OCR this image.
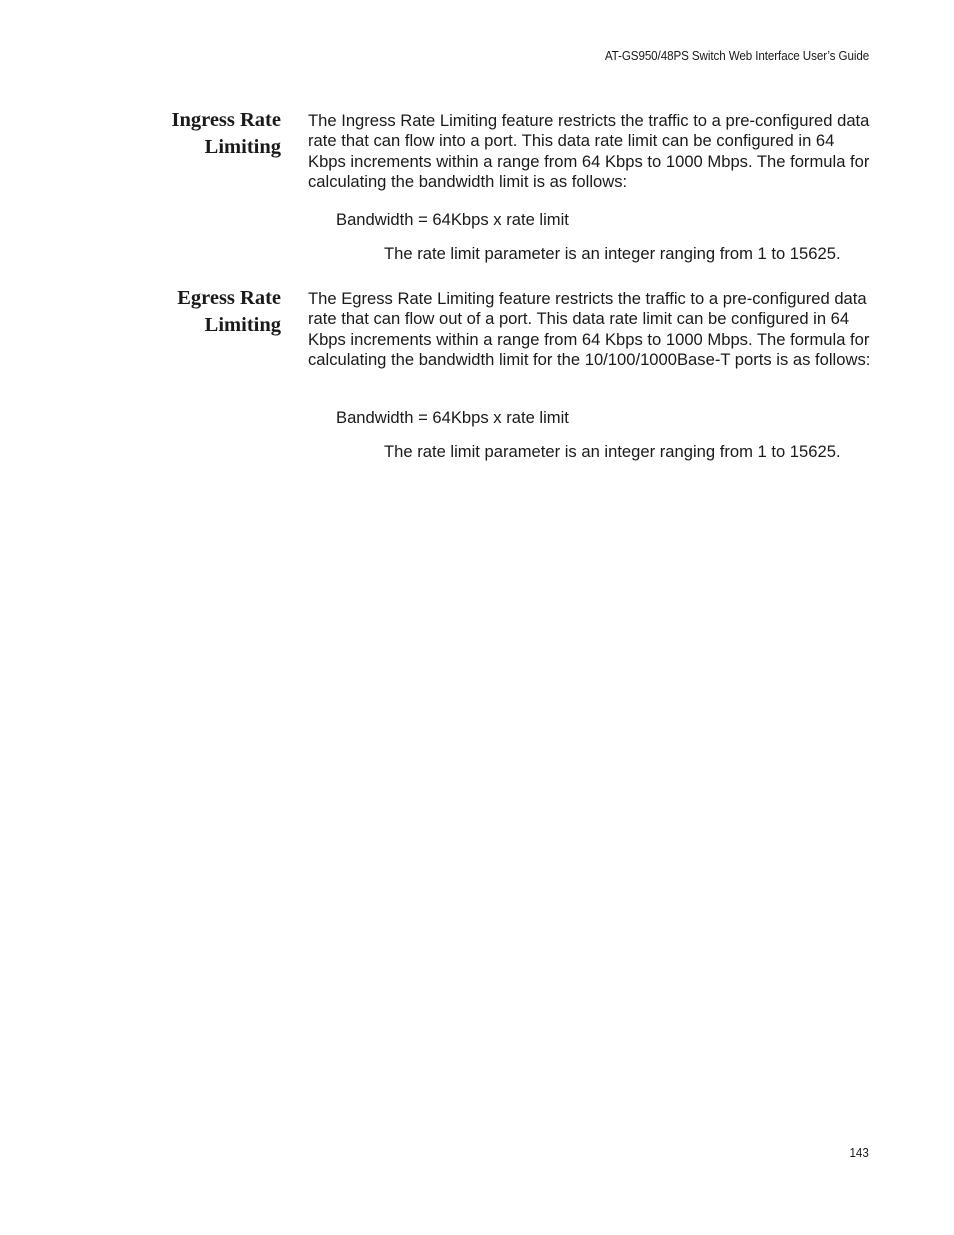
AT-GS950/48PS Switch Web Interface User’s Guide
Ingress Rate
Limiting

The Ingress Rate Limiting feature restricts the traffic to a pre-configured data rate that can flow into a port. This data rate limit can be configured in 64 Kbps increments within a range from 64 Kbps to 1000 Mbps. The formula for calculating the bandwidth limit is as follows:

Bandwidth = 64Kbps x rate limit
The rate limit parameter is an integer ranging from 1 to 15625.
Egress Rate
Limiting

The Egress Rate Limiting feature restricts the traffic to a pre-configured data rate that can flow out of a port. This data rate limit can be configured in 64 Kbps increments within a range from 64 Kbps to 1000 Mbps. The formula for calculating the bandwidth limit for the 10/100/1000Base-T ports is as follows:

Bandwidth = 64Kbps x rate limit
The rate limit parameter is an integer ranging from 1 to 15625.
143
